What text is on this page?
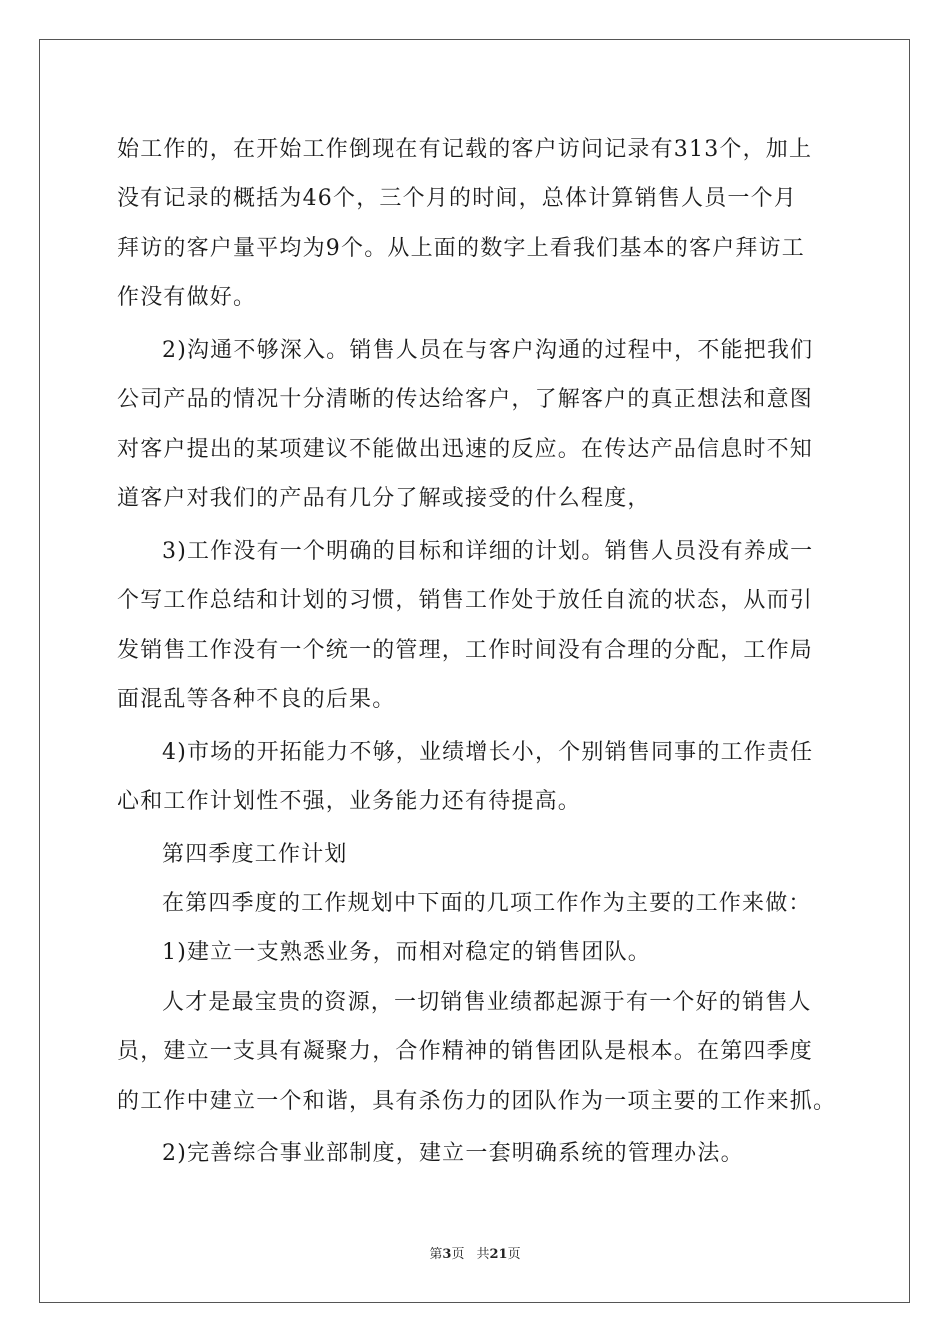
始工作的，在开始工作倒现在有记载的客户访问记录有313个，加上
没有记录的概括为46个，三个月的时间，总体计算销售人员一个月
拜访的客户量平均为9个。从上面的数字上看我们基本的客户拜访工
作没有做好。
2)沟通不够深入。销售人员在与客户沟通的过程中，不能把我们
公司产品的情况十分清晰的传达给客户，了解客户的真正想法和意图
对客户提出的某项建议不能做出迅速的反应。在传达产品信息时不知
道客户对我们的产品有几分了解或接受的什么程度，
3)工作没有一个明确的目标和详细的计划。销售人员没有养成一
个写工作总结和计划的习惯，销售工作处于放任自流的状态，从而引
发销售工作没有一个统一的管理，工作时间没有合理的分配，工作局
面混乱等各种不良的后果。
4)市场的开拓能力不够，业绩增长小，个别销售同事的工作责任
心和工作计划性不强，业务能力还有待提高。
第四季度工作计划
在第四季度的工作规划中下面的几项工作作为主要的工作来做：
1)建立一支熟悉业务，而相对稳定的销售团队。
人才是最宝贵的资源，一切销售业绩都起源于有一个好的销售人
员，建立一支具有凝聚力，合作精神的销售团队是根本。在第四季度
的工作中建立一个和谐，具有杀伤力的团队作为一项主要的工作来抓。
2)完善综合事业部制度，建立一套明确系统的管理办法。
第3页 共21页
